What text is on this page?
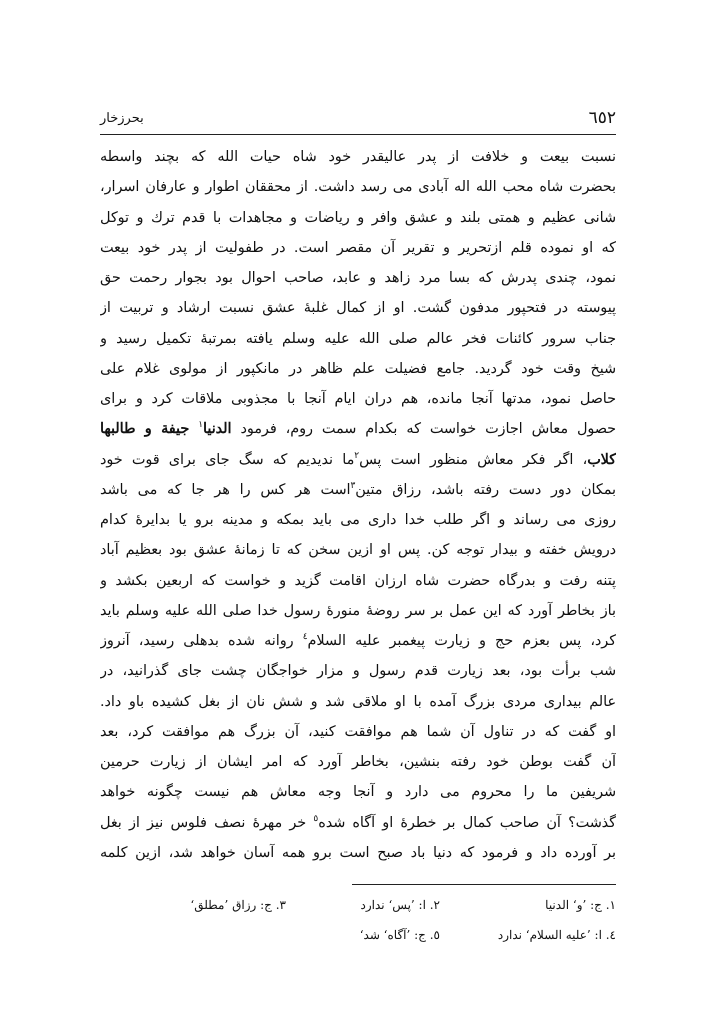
٦٥٢
بحرزخار
نسبت بیعت و خلافت از پدر عالیقدر خود شاه حیات الله که بچند واسطه
بحضرت شاه محب الله اله آبادی می رسد داشت. از محققان اطوار و عارفان اسرار،
شانی عظیم و همتی بلند و عشق وافر و ریاضات و مجاهدات با قدم ترك و توكل
كه او نموده قلم ازتحریر و تقریر آن مقصر است. در طفولیت از پدر خود بیعت
نمود، چندی پدرش كه بسا مرد زاهد و عابد، صاحب احوال بود بجوار رحمت حق
پیوسته در فتحپور مدفون گشت. او از كمال غلبهٔ عشق نسبت ارشاد و تربیت از
جناب سرور كائنات فخر عالم صلى الله عليه وسلم یافته بمرتبهٔ تکمیل رسید و
شیخ وقت خود گردید. جامع فضیلت علم ظاهر در مانكپور از مولوی غلام علی
حاصل نمود، مدتها آنجا مانده، هم دران ایام آنجا با مجذوبی ملاقات كرد و برای
حصول معاش اجازت خواست كه بكدام سمت روم، فرمود الدنیا$^١$ جیفة و طالبها
كلاب، اگر فكر معاش منظور است پس$^٢$ما ندیدیم كه سگ جای برای قوت خود
بمكان دور دست رفته باشد، رزاق متین$^٣$است هر كس را هر جا كه می باشد
روزی می رساند و اگر طلب خدا داری می باید بمكه و مدینه برو یا بدایرهٔ كدام
درویش خفته و بیدار توجه كن. پس او ازین سخن كه تا زمانهٔ عشق بود بعظیم آباد
پتنه رفت و بدرگاه حضرت شاه ارزان اقامت گزید و خواست كه اربعین بكشد و
باز بخاطر آورد كه این عمل بر سر روضهٔ منورهٔ رسول خدا صلى الله عليه وسلم باید
كرد، پس بعزم حج و زیارت پیغمبر علیه السلام$^٤$ روانه شده بدهلی رسید، آنروز
شب برأت بود، بعد زیارت قدم رسول و مزار خواجگان چشت جای گذرانید، در
عالم بیداری مردی بزرگ آمده با او ملاقی شد و شش نان از بغل كشیده باو داد.
او گفت كه در تناول آن شما هم موافقت كنید، آن بزرگ هم موافقت كرد، بعد
آن گفت بوطن خود رفته بنشین، بخاطر آورد كه امر ایشان از زیارت حرمین
شریفین ما را محروم می دارد و آنجا وجه معاش هم نیست چگونه خواهد
گذشت؟ آن صاحب كمال بر خطرهٔ او آگاه شده$^٥$ خر مهرهٔ نصف فلوس نیز از بغل
بر آورده داد و فرمود كه دنیا باد صبح است برو همه آسان خواهد شد، ازین كلمه
١. ج: ’و‘ الدنیا
٢. ا: ’پس‘ ندارد
٣. ج: رزاق ’مطلق‘
٤. ا: ’علیه السلام‘ ندارد
٥. ج: ’آگاه‘ شد‘
